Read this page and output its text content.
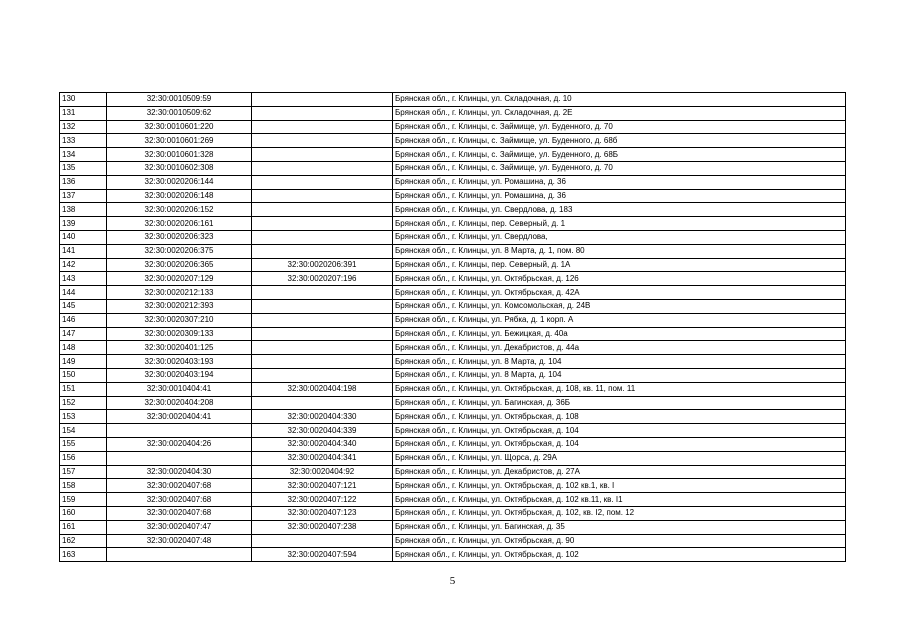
130	32:30:0010509:59		Брянская обл., г. Клинцы, ул. Складочная, д. 10
131	32:30:0010509:62		Брянская обл., г. Клинцы, ул. Складочная, д. 2Е
132	32:30:0010601:220		Брянская обл., г. Клинцы, с. Займище, ул. Буденного, д. 70
133	32:30:0010601:269		Брянская обл., г. Клинцы, с. Займище, ул. Буденного, д. 68б
134	32:30:0010601:328		Брянская обл., г. Клинцы, с. Займище, ул. Буденного, д. 68Б
135	32:30:0010602:308		Брянская обл., г. Клинцы, с. Займище, ул. Буденного, д. 70
136	32:30:0020206:144		Брянская обл., г. Клинцы, ул. Ромашина, д. 36
137	32:30:0020206:148		Брянская обл., г. Клинцы, ул. Ромашина, д. 36
138	32:30:0020206:152		Брянская обл., г. Клинцы, ул. Свердлова, д. 183
139	32:30:0020206:161		Брянская обл., г. Клинцы, пер. Северный, д. 1
140	32:30:0020206:323		Брянская обл., г. Клинцы, ул. Свердлова,
141	32:30:0020206:375		Брянская обл., г. Клинцы, ул. 8 Марта, д. 1, пом. 80
142	32:30:0020206:365	32:30:0020206:391	Брянская обл., г. Клинцы, пер. Северный, д. 1А
143	32:30:0020207:129	32:30:0020207:196	Брянская обл., г. Клинцы, ул. Октябрьская, д. 126
144	32:30:0020212:133		Брянская обл., г. Клинцы, ул. Октябрьская, д. 42А
145	32:30:0020212:393		Брянская обл., г. Клинцы, ул. Комсомольская, д. 24В
146	32:30:0020307:210		Брянская обл., г. Клинцы, ул. Рябка, д. 1 корп. А
147	32:30:0020309:133		Брянская обл., г. Клинцы, ул. Бежицкая, д. 40а
148	32:30:0020401:125		Брянская обл., г. Клинцы, ул. Декабристов, д. 44а
149	32:30:0020403:193		Брянская обл., г. Клинцы, ул. 8 Марта, д. 104
150	32:30:0020403:194		Брянская обл., г. Клинцы, ул. 8 Марта, д. 104
151	32:30:0010404:41	32:30:0020404:198	Брянская обл., г. Клинцы, ул. Октябрьская, д. 108, кв. 11, пом. 11
152	32:30:0020404:208		Брянская обл., г. Клинцы, ул. Багинская, д. 36Б
153	32:30:0020404:41	32:30:0020404:330	Брянская обл., г. Клинцы, ул. Октябрьская, д. 108
154		32:30:0020404:339	Брянская обл., г. Клинцы, ул. Октябрьская, д. 104
155	32:30:0020404:26	32:30:0020404:340	Брянская обл., г. Клинцы, ул. Октябрьская, д. 104
156		32:30:0020404:341	Брянская обл., г. Клинцы, ул. Щорса, д. 29А
157	32:30:0020404:30	32:30:0020404:92	Брянская обл., г. Клинцы, ул. Декабристов, д. 27А
158	32:30:0020407:68	32:30:0020407:121	Брянская обл., г. Клинцы, ул. Октябрьская, д. 102 кв.1, кв. I
159	32:30:0020407:68	32:30:0020407:122	Брянская обл., г. Клинцы, ул. Октябрьская, д. 102 кв.11, кв. I1
160	32:30:0020407:68	32:30:0020407:123	Брянская обл., г. Клинцы, ул. Октябрьская, д. 102, кв. I2, пом. 12
161	32:30:0020407:47	32:30:0020407:238	Брянская обл., г. Клинцы, ул. Багинская, д. 35
162	32:30:0020407:48		Брянская обл., г. Клинцы, ул. Октябрьская, д. 90
163		32:30:0020407:594	Брянская обл., г. Клинцы, ул. Октябрьская, д. 102
5
